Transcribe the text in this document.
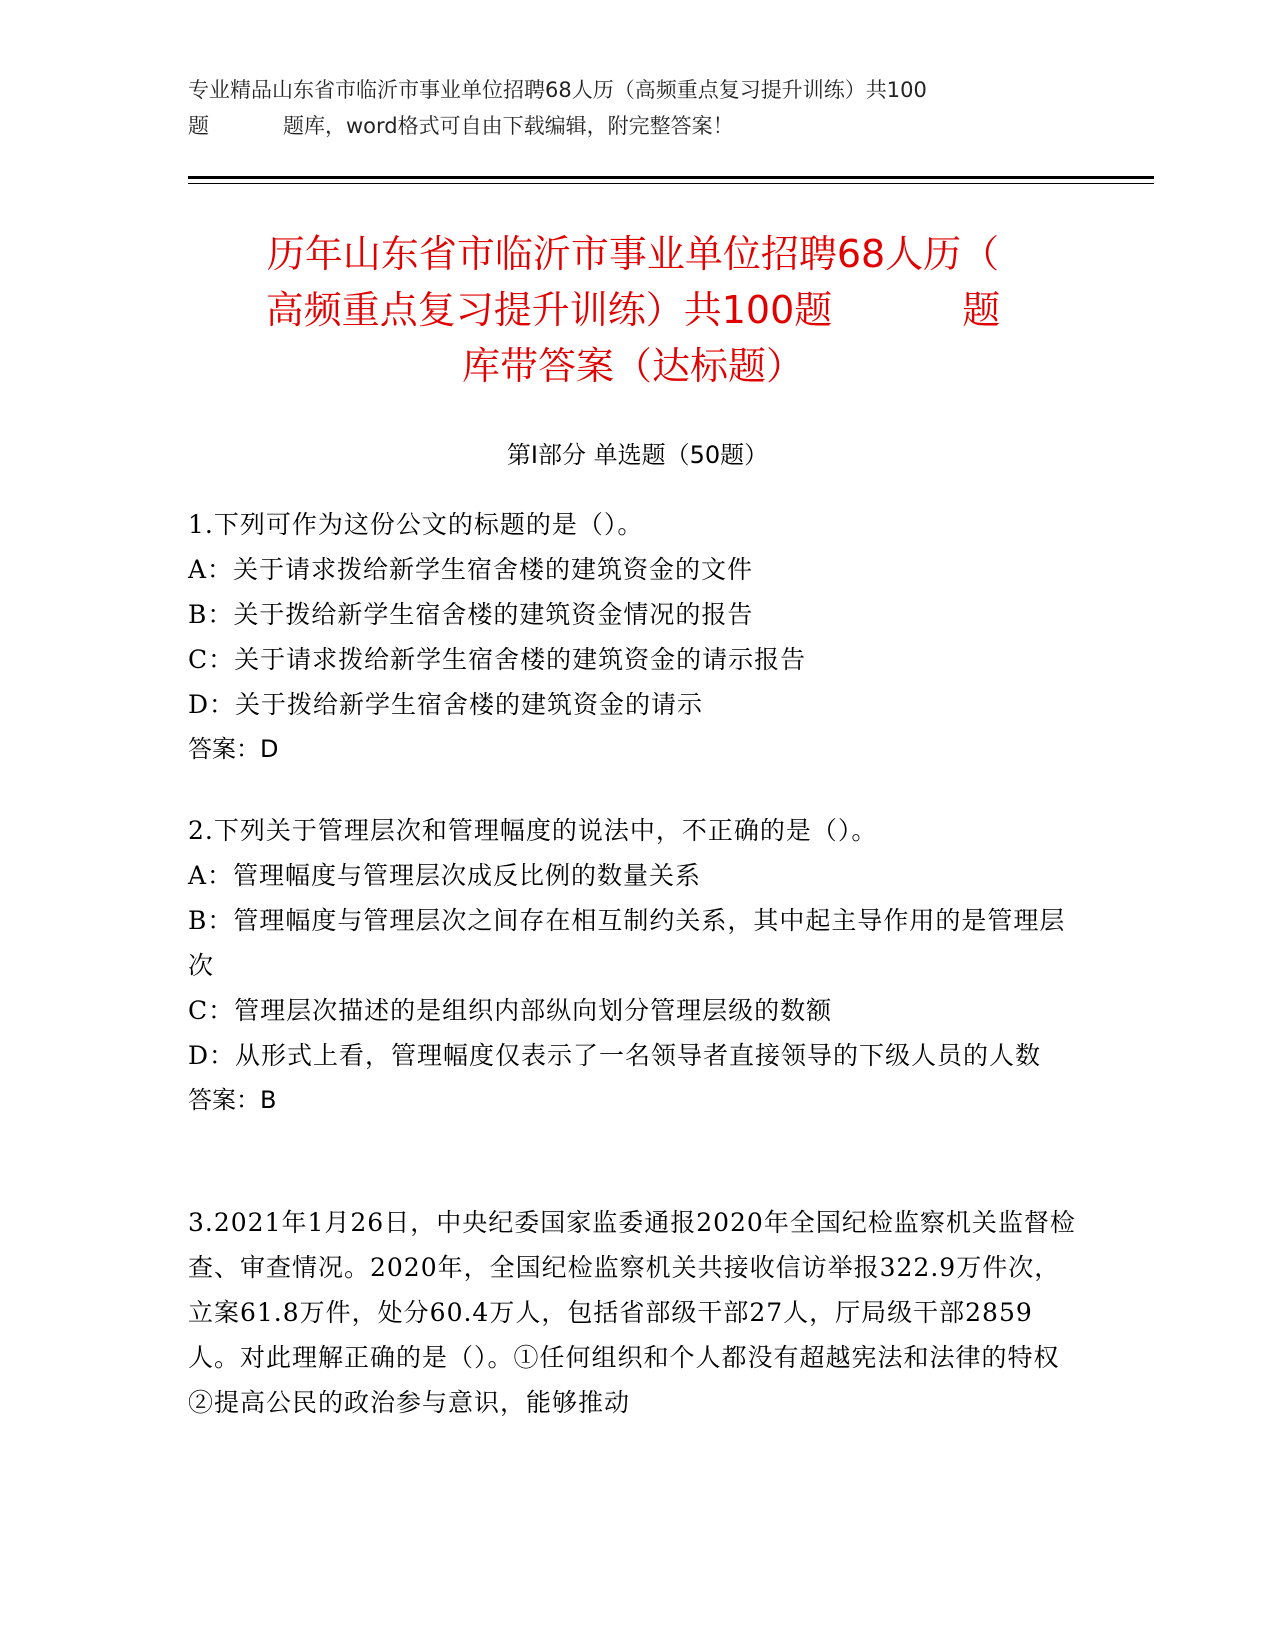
专业精品山东省市临沂市事业单位招聘68人历（高频重点复习提升训练）共100
题	题库，word格式可自由下载编辑，附完整答案！
历年山东省市临沂市事业单位招聘68人历（
高频重点复习提升训练）共100题	题
库带答案（达标题）
第Ⅰ部分 单选题（50题）

1.下列可作为这份公文的标题的是（）。

A：关于请求拨给新学生宿舍楼的建筑资金的文件

B：关于拨给新学生宿舍楼的建筑资金情况的报告

C：关于请求拨给新学生宿舍楼的建筑资金的请示报告

D：关于拨给新学生宿舍楼的建筑资金的请示

答案：D

2.下列关于管理层次和管理幅度的说法中，不正确的是（）。

A：管理幅度与管理层次成反比例的数量关系

B：管理幅度与管理层次之间存在相互制约关系，其中起主导作用的是管理层次

C：管理层次描述的是组织内部纵向划分管理层级的数额

D：从形式上看，管理幅度仅表示了一名领导者直接领导的下级人员的人数

答案：B

3.2021年1月26日，中央纪委国家监委通报2020年全国纪检监察机关监督检查、审查情况。2020年，全国纪检监察机关共接收信访举报322.9万件次，立案61.8万件，处分60.4万人，包括省部级干部27人，厅局级干部2859人。对此理解正确的是（）。①任何组织和个人都没有超越宪法和法律的特权②提高公民的政治参与意识，能够推动
